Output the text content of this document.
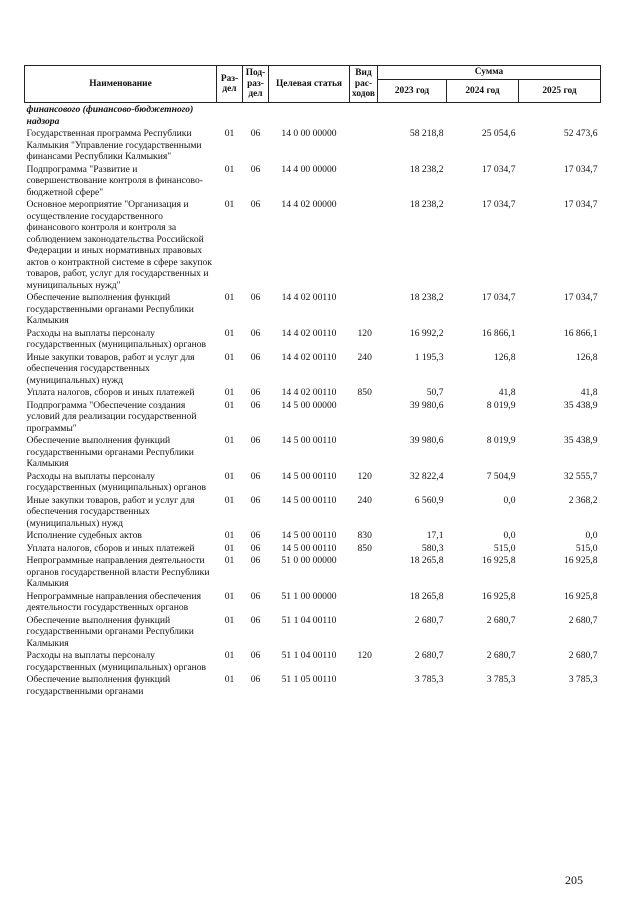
Наименование	Раз-дел	Под-раз-дел	Целевая статья	Вид рас-ходов	Сумма		
					2023 год	2024 год	2025 год
финансового (финансово-бюджетного) надзора							
Государственная программа Республики Калмыкия "Управление государственными финансами Республики Калмыкия"	01	06	14 0 00 00000		58 218,8	25 054,6	52 473,6
Подпрограмма "Развитие и совершенствование контроля в финансово-бюджетной сфере"	01	06	14 4 00 00000		18 238,2	17 034,7	17 034,7
Основное мероприятие "Организация и осуществление государственного финансового контроля и контроля за соблюдением законодательства Российской Федерации и иных нормативных правовых актов о контрактной системе в сфере закупок товаров, работ, услуг для государственных и муниципальных нужд"	01	06	14 4 02 00000		18 238,2	17 034,7	17 034,7
Обеспечение выполнения функций государственными органами Республики Калмыкия	01	06	14 4 02 00110		18 238,2	17 034,7	17 034,7
Расходы на выплаты персоналу государственных (муниципальных) органов	01	06	14 4 02 00110	120	16 992,2	16 866,1	16 866,1
Иные закупки товаров, работ и услуг для обеспечения государственных (муниципальных) нужд	01	06	14 4 02 00110	240	1 195,3	126,8	126,8
Уплата налогов, сборов и иных платежей	01	06	14 4 02 00110	850	50,7	41,8	41,8
Подпрограмма "Обеспечение создания условий для реализации государственной программы"	01	06	14 5 00 00000		39 980,6	8 019,9	35 438,9
Обеспечение выполнения функций государственными органами Республики Калмыкия	01	06	14 5 00 00110		39 980,6	8 019,9	35 438,9
Расходы на выплаты персоналу государственных (муниципальных) органов	01	06	14 5 00 00110	120	32 822,4	7 504,9	32 555,7
Иные закупки товаров, работ и услуг для обеспечения государственных (муниципальных) нужд	01	06	14 5 00 00110	240	6 560,9	0,0	2 368,2
Исполнение судебных актов	01	06	14 5 00 00110	830	17,1	0,0	0,0
Уплата налогов, сборов и иных платежей	01	06	14 5 00 00110	850	580,3	515,0	515,0
Непрограммные направления деятельности органов государственной власти Республики Калмыкия	01	06	51 0 00 00000		18 265,8	16 925,8	16 925,8
Непрограммные направления обеспечения деятельности государственных органов	01	06	51 1 00 00000		18 265,8	16 925,8	16 925,8
Обеспечение выполнения функций государственными органами Республики Калмыкия	01	06	51 1 04 00110		2 680,7	2 680,7	2 680,7
Расходы на выплаты персоналу государственных (муниципальных) органов	01	06	51 1 04 00110	120	2 680,7	2 680,7	2 680,7
Обеспечение выполнения функций государственными органами	01	06	51 1 05 00110		3 785,3	3 785,3	3 785,3
205
